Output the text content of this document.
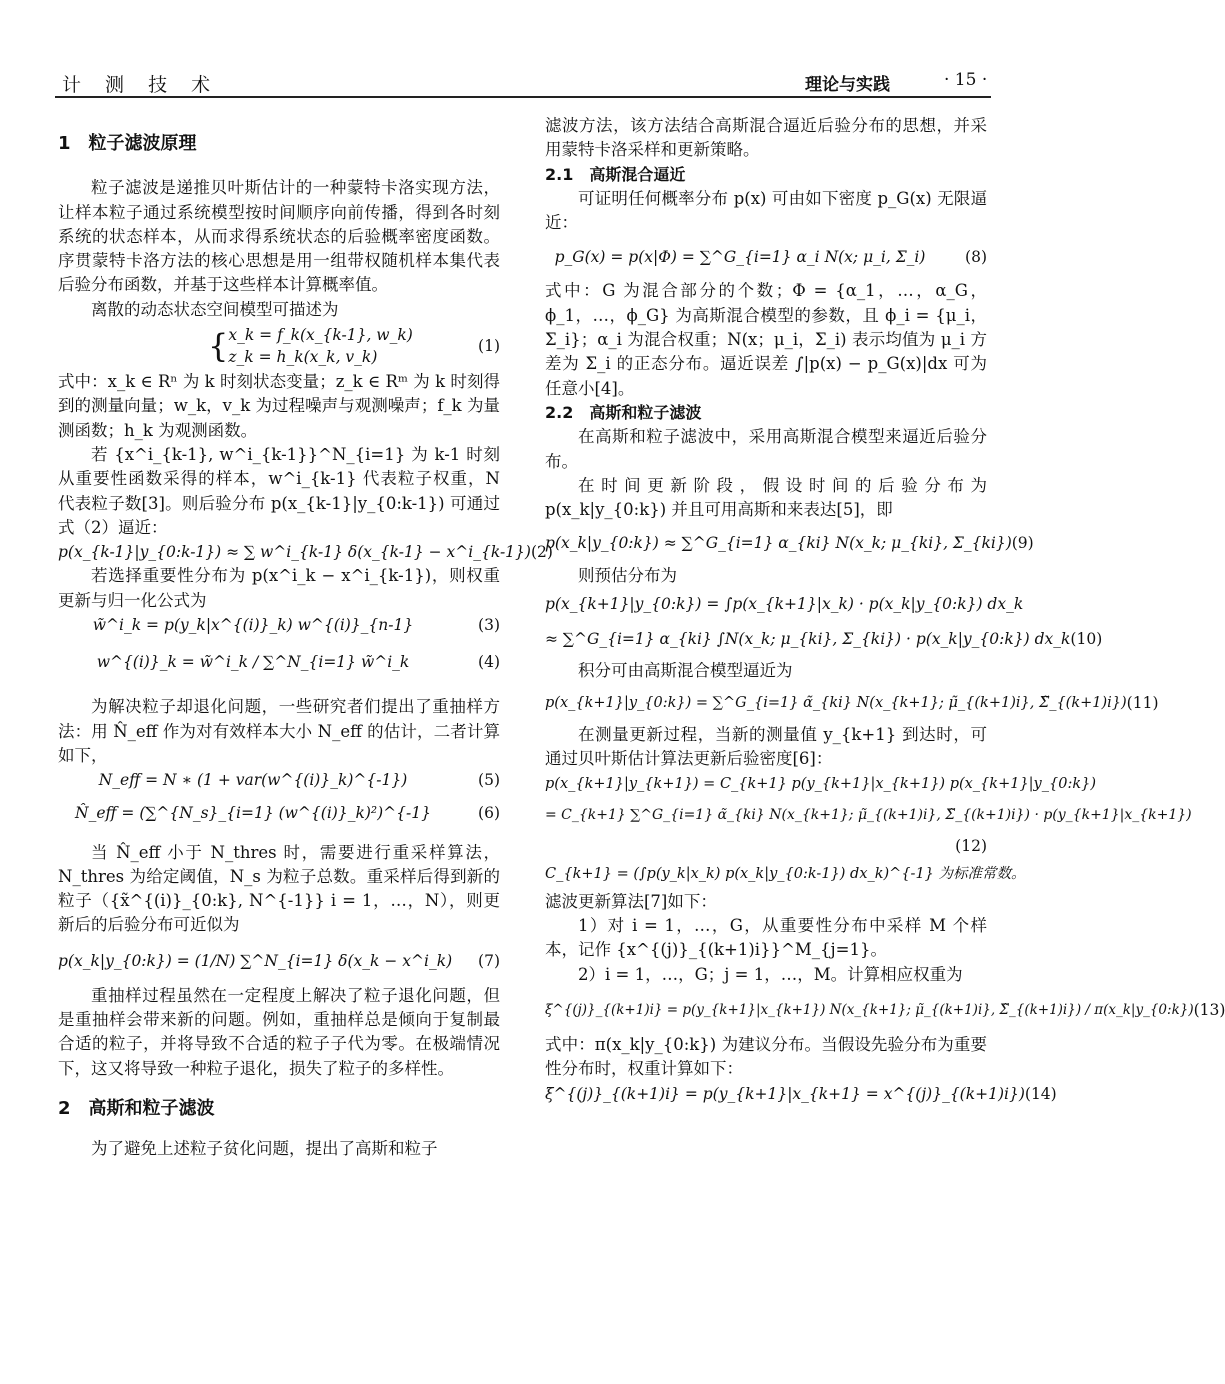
计 测 技 术	理论与实践	· 15 ·
1　粒子滤波原理

粒子滤波是递推贝叶斯估计的一种蒙特卡洛实现方法，让样本粒子通过系统模型按时间顺序向前传播，得到各时刻系统的状态样本，从而求得系统状态的后验概率密度函数。序贯蒙特卡洛方法的核心思想是用一组带权随机样本集代表后验分布函数，并基于这些样本计算概率值。

离散的动态状态空间模型可描述为

{x_k = f_k(x_{k-1}, w_k)
z_k = h_k(x_k, v_k)
(1)

式中：x_k ∈ Rⁿ 为 k 时刻状态变量；z_k ∈ Rᵐ 为 k 时刻得到的测量向量；w_k，v_k 为过程噪声与观测噪声；f_k 为量测函数；h_k 为观测函数。

若 {x^i_{k-1}, w^i_{k-1}}^N_{i=1} 为 k-1 时刻从重要性函数采得的样本，w^i_{k-1} 代表粒子权重，N 代表粒子数[3]。则后验分布 p(x_{k-1}|y_{0:k-1}) 可通过式（2）逼近：

p(x_{k-1}|y_{0:k-1}) ≈ ∑ w^i_{k-1} δ(x_{k-1} − x^i_{k-1}) (2)

若选择重要性分布为 p(x^i_k − x^i_{k-1})，则权重更新与归一化公式为

w̃^i_k = p(y_k|x^{(i)}_k) w^{(i)}_{n-1}	(3)
w^{(i)}_k = w̃^i_k / ∑^N_{i=1} w̃^i_k	(4)

为解决粒子却退化问题，一些研究者们提出了重抽样方法：用 N̂_eff 作为对有效样本大小 N_eff 的估计，二者计算如下，

N_eff = N ∗ (1 + var(w^{(i)}_k)^{-1})	(5)
N̂_eff = (∑^{N_s}_{i=1} (w^{(i)}_k)²)^{-1}	(6)

当 N̂_eff 小于 N_thres 时，需要进行重采样算法，N_thres 为给定阈值，N_s 为粒子总数。重采样后得到新的粒子（{x̃^{(i)}_{0:k}, N^{-1}} i = 1，…，N），则更新后的后验分布可近似为

p(x_k|y_{0:k}) = (1/N) ∑^N_{i=1} δ(x_k − x^i_k)	(7)

重抽样过程虽然在一定程度上解决了粒子退化问题，但是重抽样会带来新的问题。例如，重抽样总是倾向于复制最合适的粒子，并将导致不合适的粒子子代为零。在极端情况下，这又将导致一种粒子退化，损失了粒子的多样性。

2　高斯和粒子滤波

为了避免上述粒子贫化问题，提出了高斯和粒子

滤波方法，该方法结合高斯混合逼近后验分布的思想，并采用蒙特卡洛采样和更新策略。

2.1　高斯混合逼近

可证明任何概率分布 p(x) 可由如下密度 p_G(x) 无限逼近：

p_G(x) = p(x|Φ) = ∑^G_{i=1} α_i N(x; μ_i, Σ_i)	(8)

式中：G 为混合部分的个数；Φ = {α_1，…，α_G，ϕ_1，…，ϕ_G} 为高斯混合模型的参数，且 ϕ_i = {μ_i，Σ_i}；α_i 为混合权重；N(x；μ_i，Σ_i) 表示均值为 μ_i 方差为 Σ_i 的正态分布。逼近误差 ∫|p(x) − p_G(x)|dx 可为任意小[4]。

2.2　高斯和粒子滤波

在高斯和粒子滤波中，采用高斯混合模型来逼近后验分布。

在时间更新阶段，假设时间的后验分布为 p(x_k|y_{0:k}) 并且可用高斯和来表达[5]，即

p(x_k|y_{0:k}) ≈ ∑^G_{i=1} α_{ki} N(x_k; μ_{ki}, Σ_{ki}) (9)

则预估分布为

p(x_{k+1}|y_{0:k}) = ∫p(x_{k+1}|x_k) · p(x_k|y_{0:k}) dx_k
≈ ∑^G_{i=1} α_{ki} ∫N(x_k; μ_{ki}, Σ_{ki}) · p(x_k|y_{0:k}) dx_k (10)

积分可由高斯混合模型逼近为

p(x_{k+1}|y_{0:k}) = ∑^G_{i=1} α̃_{ki} N(x_{k+1}; μ̃_{(k+1)i}, Σ̃_{(k+1)i}) (11)

在测量更新过程，当新的测量值 y_{k+1} 到达时，可通过贝叶斯估计算法更新后验密度[6]：

p(x_{k+1}|y_{k+1}) = C_{k+1} p(y_{k+1}|x_{k+1}) p(x_{k+1}|y_{0:k})
= C_{k+1} ∑^G_{i=1} α̃_{ki} N(x_{k+1}; μ̃_{(k+1)i}, Σ̃_{(k+1)i}) · p(y_{k+1}|x_{k+1})
(12)
C_{k+1} = (∫p(y_k|x_k) p(x_k|y_{0:k-1}) dx_k)^{-1} 为标准常数。

滤波更新算法[7]如下：

1）对 i = 1，…，G，从重要性分布中采样 M 个样本，记作 {x^{(j)}_{(k+1)i}}^M_{j=1}。

2）i = 1，…，G；j = 1，…，M。计算相应权重为

ξ^{(j)}_{(k+1)i} = p(y_{k+1}|x_{k+1}) N(x_{k+1}; μ̃_{(k+1)i}, Σ̃_{(k+1)i}) / π(x_k|y_{0:k}) (13)

式中：π(x_k|y_{0:k}) 为建议分布。当假设先验分布为重要性分布时，权重计算如下：

ξ^{(j)}_{(k+1)i} = p(y_{k+1}|x_{k+1} = x^{(j)}_{(k+1)i}) (14)
